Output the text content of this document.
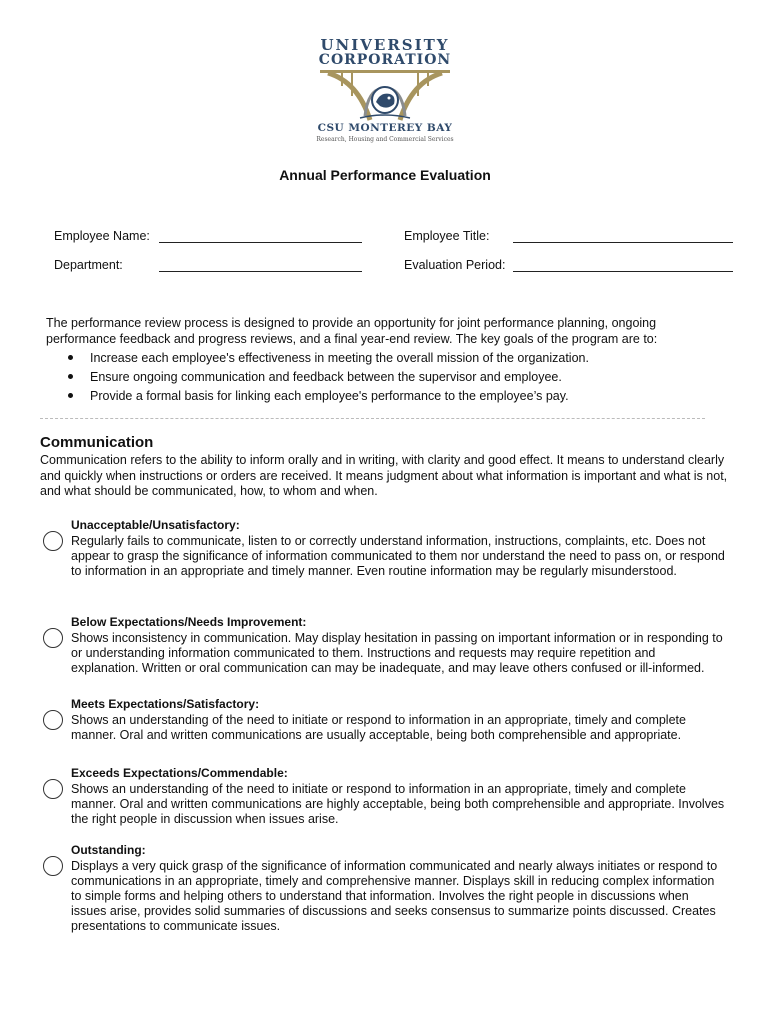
UNIVERSITY
CORPORATION
CSU MONTEREY BAY
Research, Housing and Commercial Services
Annual Performance Evaluation
Employee Name:	Employee Title:
Department:	Evaluation Period:
The performance review process is designed to provide an opportunity for joint performance planning, ongoing performance feedback and progress reviews, and a final year-end review. The key goals of the program are to:
Increase each employee's effectiveness in meeting the overall mission of the organization.
Ensure ongoing communication and feedback between the supervisor and employee.
Provide a formal basis for linking each employee's performance to the employee’s pay.
Communication
Communication refers to the ability to inform orally and in writing, with clarity and good effect. It means to understand clearly and quickly when instructions or orders are received. It means judgment about what information is important and what is not, and what should be communicated, how, to whom and when.
Unacceptable/Unsatisfactory:
Regularly fails to communicate, listen to or correctly understand information, instructions, complaints, etc. Does not appear to grasp the significance of information communicated to them nor understand the need to pass on, or respond to information in an appropriate and timely manner. Even routine information may be regularly misunderstood.
Below Expectations/Needs Improvement:
Shows inconsistency in communication. May display hesitation in passing on important information or in responding to or understanding information communicated to them. Instructions and requests may require repetition and explanation. Written or oral communication can may be inadequate, and may leave others confused or ill-informed.
Meets Expectations/Satisfactory:
Shows an understanding of the need to initiate or respond to information in an appropriate, timely and complete manner. Oral and written communications are usually acceptable, being both comprehensible and appropriate.
Exceeds Expectations/Commendable:
Shows an understanding of the need to initiate or respond to information in an appropriate, timely and complete manner. Oral and written communications are highly acceptable, being both comprehensible and appropriate. Involves the right people in discussion when issues arise.
Outstanding:
Displays a very quick grasp of the significance of information communicated and nearly always initiates or respond to communications in an appropriate, timely and comprehensive manner. Displays skill in reducing complex information to simple forms and helping others to understand that information. Involves the right people in discussions when issues arise, provides solid summaries of discussions and seeks consensus to summarize points discussed. Creates presentations to communicate issues.
